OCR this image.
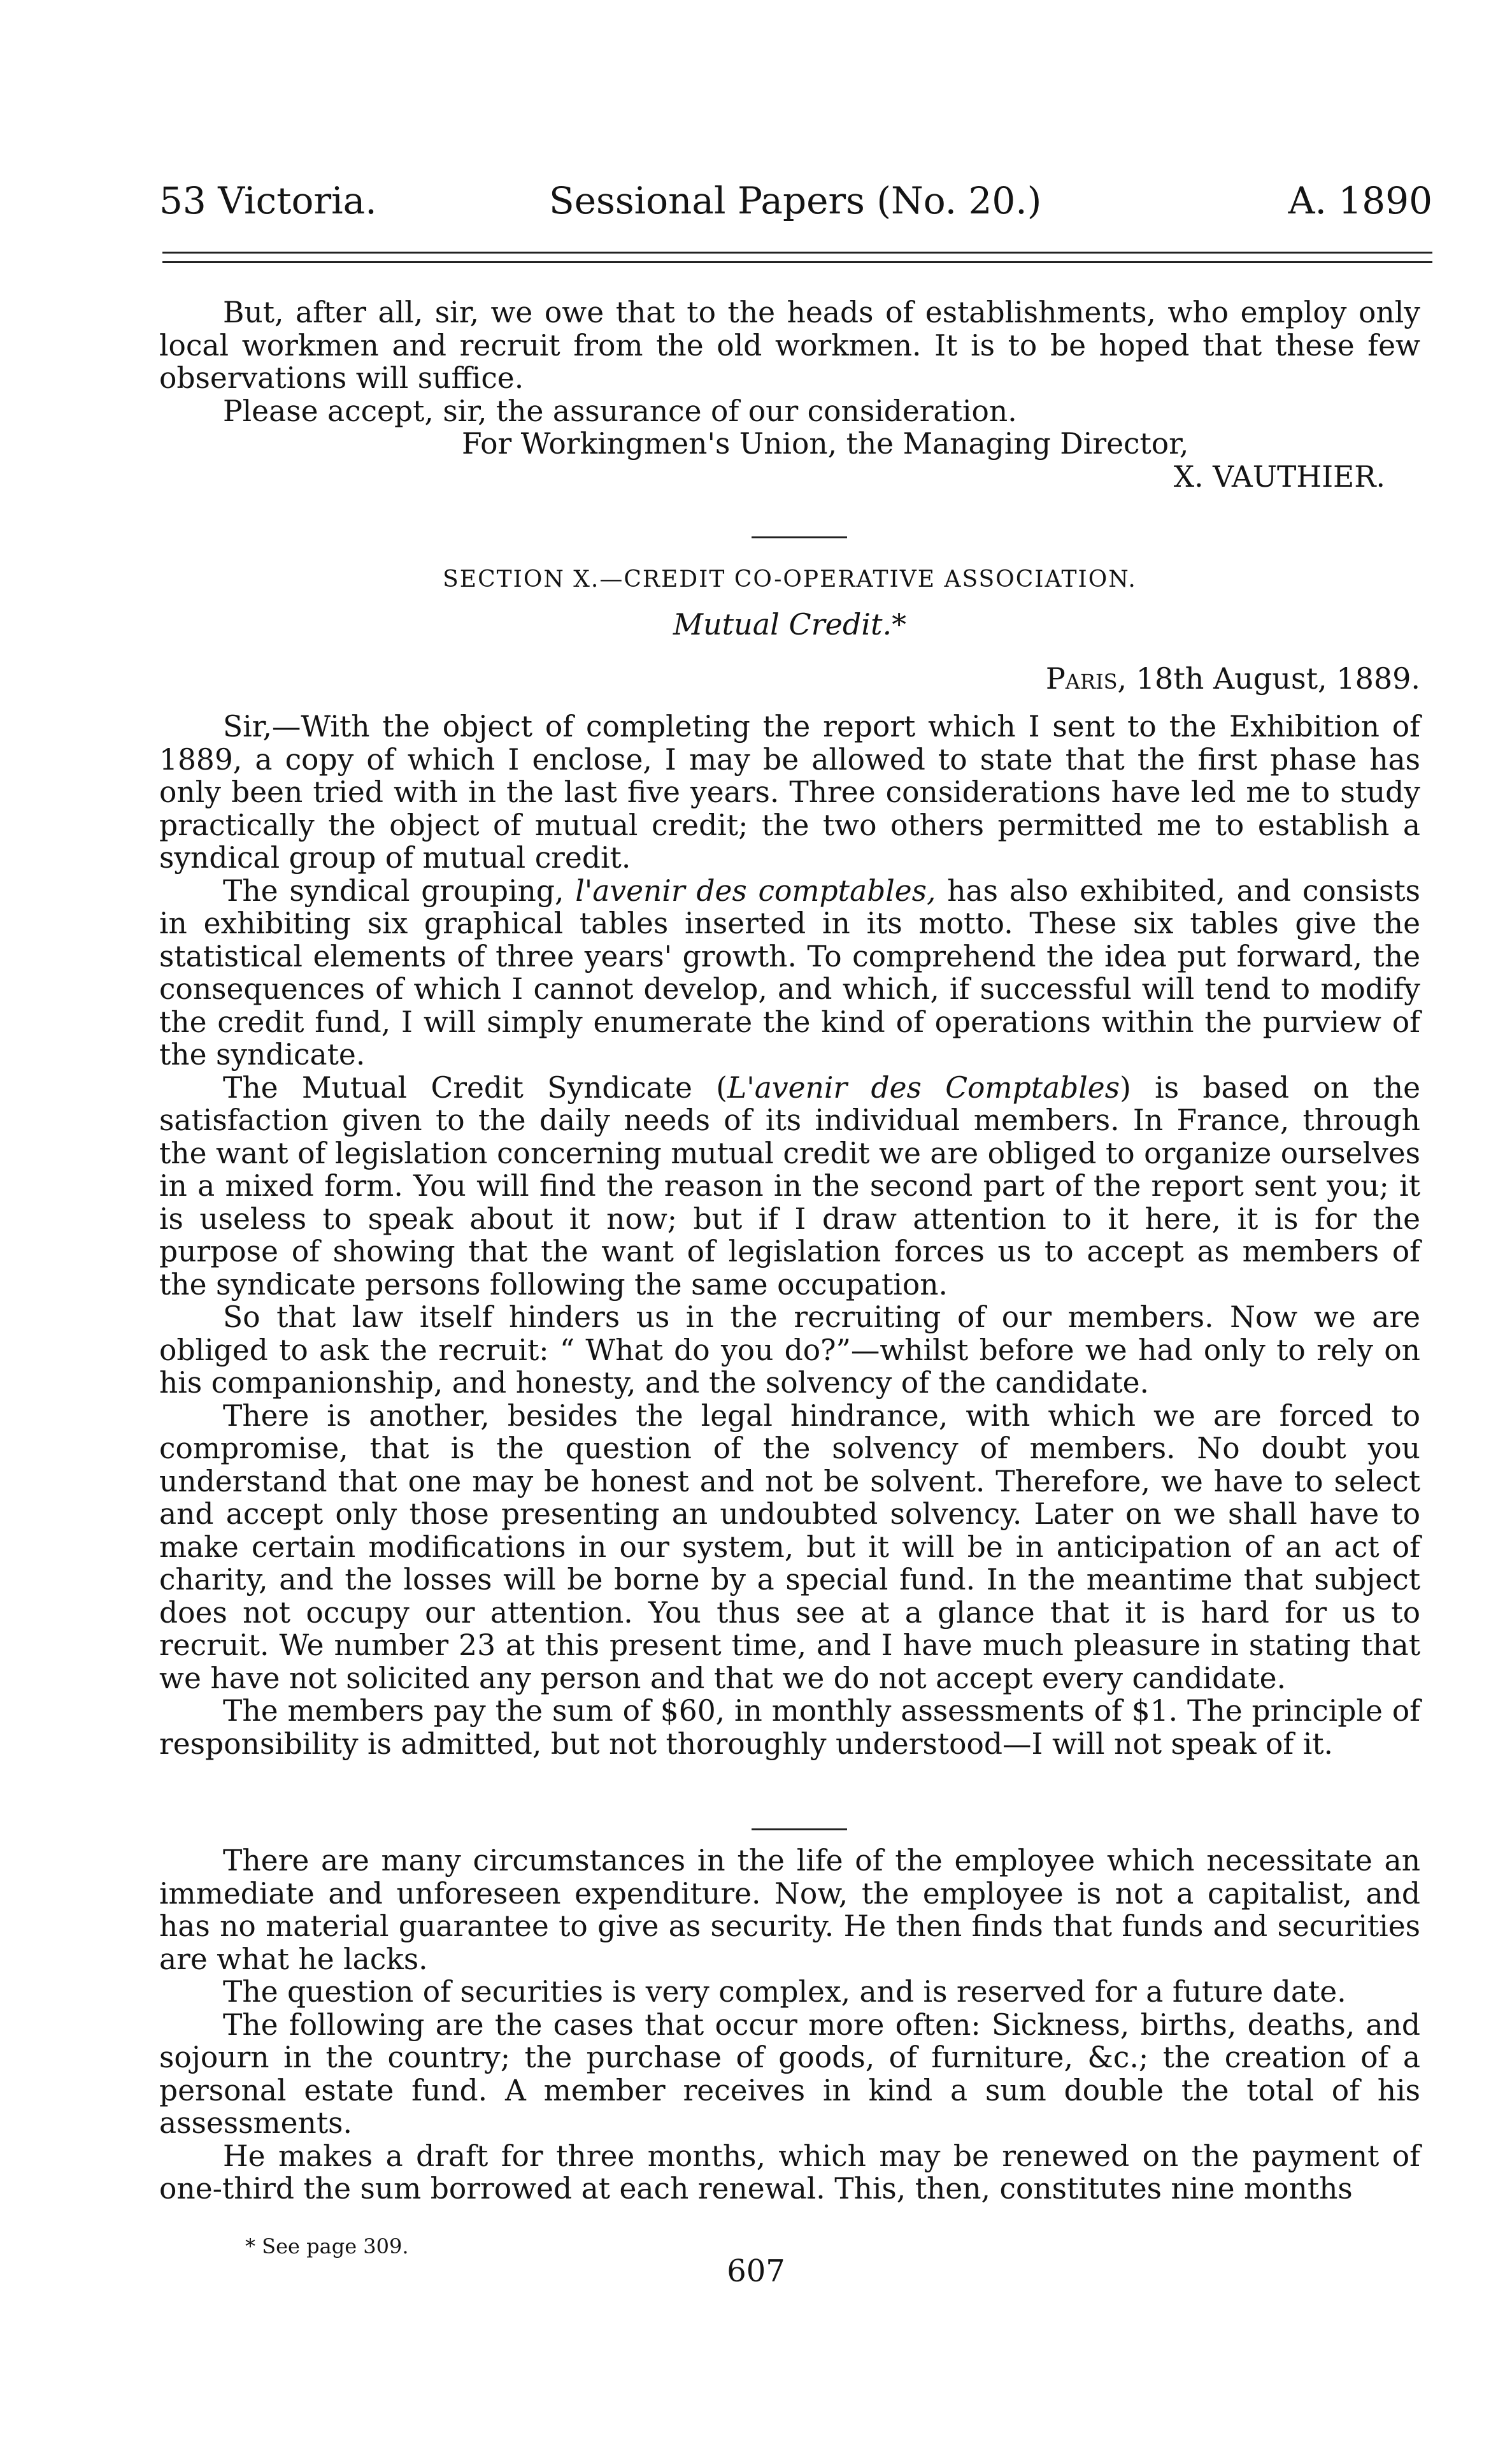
53 Victoria.	Sessional Papers (No. 20.)	A. 1890

But, after all, sir, we owe that to the heads of establishments, who employ only local workmen and recruit from the old workmen. It is to be hoped that these few observations will suffice.

Please accept, sir, the assurance of our consideration.

For Workingmen's Union, the Managing Director,

X. VAUTHIER.

SECTION X.—CREDIT CO-OPERATIVE ASSOCIATION.
Mutual Credit.*
Paris, 18th August, 1889.

Sir,—With the object of completing the report which I sent to the Exhibition of 1889, a copy of which I enclose, I may be allowed to state that the first phase has only been tried with in the last five years. Three considerations have led me to study practically the object of mutual credit; the two others permitted me to establish a syndical group of mutual credit.

The syndical grouping, l'avenir des comptables, has also exhibited, and consists in exhibiting six graphical tables inserted in its motto. These six tables give the statistical elements of three years' growth. To comprehend the idea put forward, the consequences of which I cannot develop, and which, if successful will tend to modify the credit fund, I will simply enumerate the kind of operations within the purview of the syndicate.

The Mutual Credit Syndicate (L'avenir des Comptables) is based on the satisfaction given to the daily needs of its individual members. In France, through the want of legislation concerning mutual credit we are obliged to organize ourselves in a mixed form. You will find the reason in the second part of the report sent you; it is useless to speak about it now; but if I draw attention to it here, it is for the purpose of showing that the want of legislation forces us to accept as members of the syndicate persons following the same occupation.

So that law itself hinders us in the recruiting of our members. Now we are obliged to ask the recruit: “ What do you do?”—whilst before we had only to rely on his companionship, and honesty, and the solvency of the candidate.

There is another, besides the legal hindrance, with which we are forced to compromise, that is the question of the solvency of members. No doubt you understand that one may be honest and not be solvent. Therefore, we have to select and accept only those presenting an undoubted solvency. Later on we shall have to make certain modifications in our system, but it will be in anticipation of an act of charity, and the losses will be borne by a special fund. In the meantime that subject does not occupy our attention. You thus see at a glance that it is hard for us to recruit. We number 23 at this present time, and I have much pleasure in stating that we have not solicited any person and that we do not accept every candidate.

The members pay the sum of $60, in monthly assessments of $1. The principle of responsibility is admitted, but not thoroughly understood—I will not speak of it.

There are many circumstances in the life of the employee which necessitate an immediate and unforeseen expenditure. Now, the employee is not a capitalist, and has no material guarantee to give as security. He then finds that funds and securities are what he lacks.

The question of securities is very complex, and is reserved for a future date.

The following are the cases that occur more often: Sickness, births, deaths, and sojourn in the country; the purchase of goods, of furniture, &c.; the creation of a personal estate fund. A member receives in kind a sum double the total of his assessments.

He makes a draft for three months, which may be renewed on the payment of one-third the sum borrowed at each renewal. This, then, constitutes nine months

* See page 309.
607
